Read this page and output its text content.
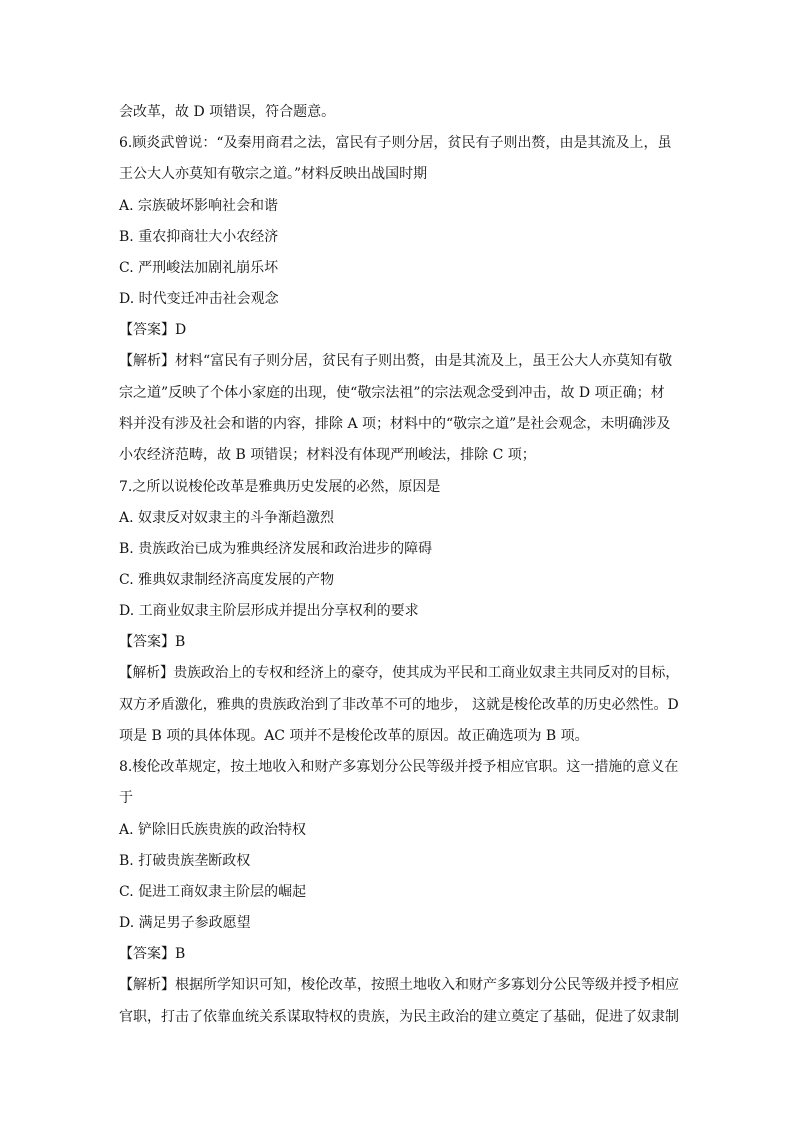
会改革，故 D 项错误，符合题意。
6.顾炎武曾说：“及秦用商君之法，富民有子则分居，贫民有子则出赘，由是其流及上，虽
王公大人亦莫知有敬宗之道。”材料反映出战国时期
A. 宗族破坏影响社会和谐
B. 重农抑商壮大小农经济
C. 严刑峻法加剧礼崩乐坏
D. 时代变迁冲击社会观念
【答案】D
【解析】材料“富民有子则分居，贫民有子则出赘，由是其流及上，虽王公大人亦莫知有敬
宗之道”反映了个体小家庭的出现，使“敬宗法祖”的宗法观念受到冲击，故 D 项正确；材
料并没有涉及社会和谐的内容，排除 A 项；材料中的“敬宗之道”是社会观念，未明确涉及
小农经济范畴，故 B 项错误；材料没有体现严刑峻法，排除 C 项；
7.之所以说梭伦改革是雅典历史发展的必然，原因是
A. 奴隶反对奴隶主的斗争渐趋激烈
B. 贵族政治已成为雅典经济发展和政治进步的障碍
C. 雅典奴隶制经济高度发展的产物
D. 工商业奴隶主阶层形成并提出分享权利的要求
【答案】B
【解析】贵族政治上的专权和经济上的豪夺，使其成为平民和工商业奴隶主共同反对的目标，
双方矛盾激化，雅典的贵族政治到了非改革不可的地步， 这就是梭伦改革的历史必然性。D
项是 B 项的具体体现。AC 项并不是梭伦改革的原因。故正确选项为 B 项。
8.梭伦改革规定，按土地收入和财产多寡划分公民等级并授予相应官职。这一措施的意义在
于
A. 铲除旧氏族贵族的政治特权
B. 打破贵族垄断政权
C. 促进工商奴隶主阶层的崛起
D. 满足男子参政愿望
【答案】B
【解析】根据所学知识可知，梭伦改革，按照土地收入和财产多寡划分公民等级并授予相应
官职，打击了依靠血统关系谋取特权的贵族，为民主政治的建立奠定了基础，促进了奴隶制
